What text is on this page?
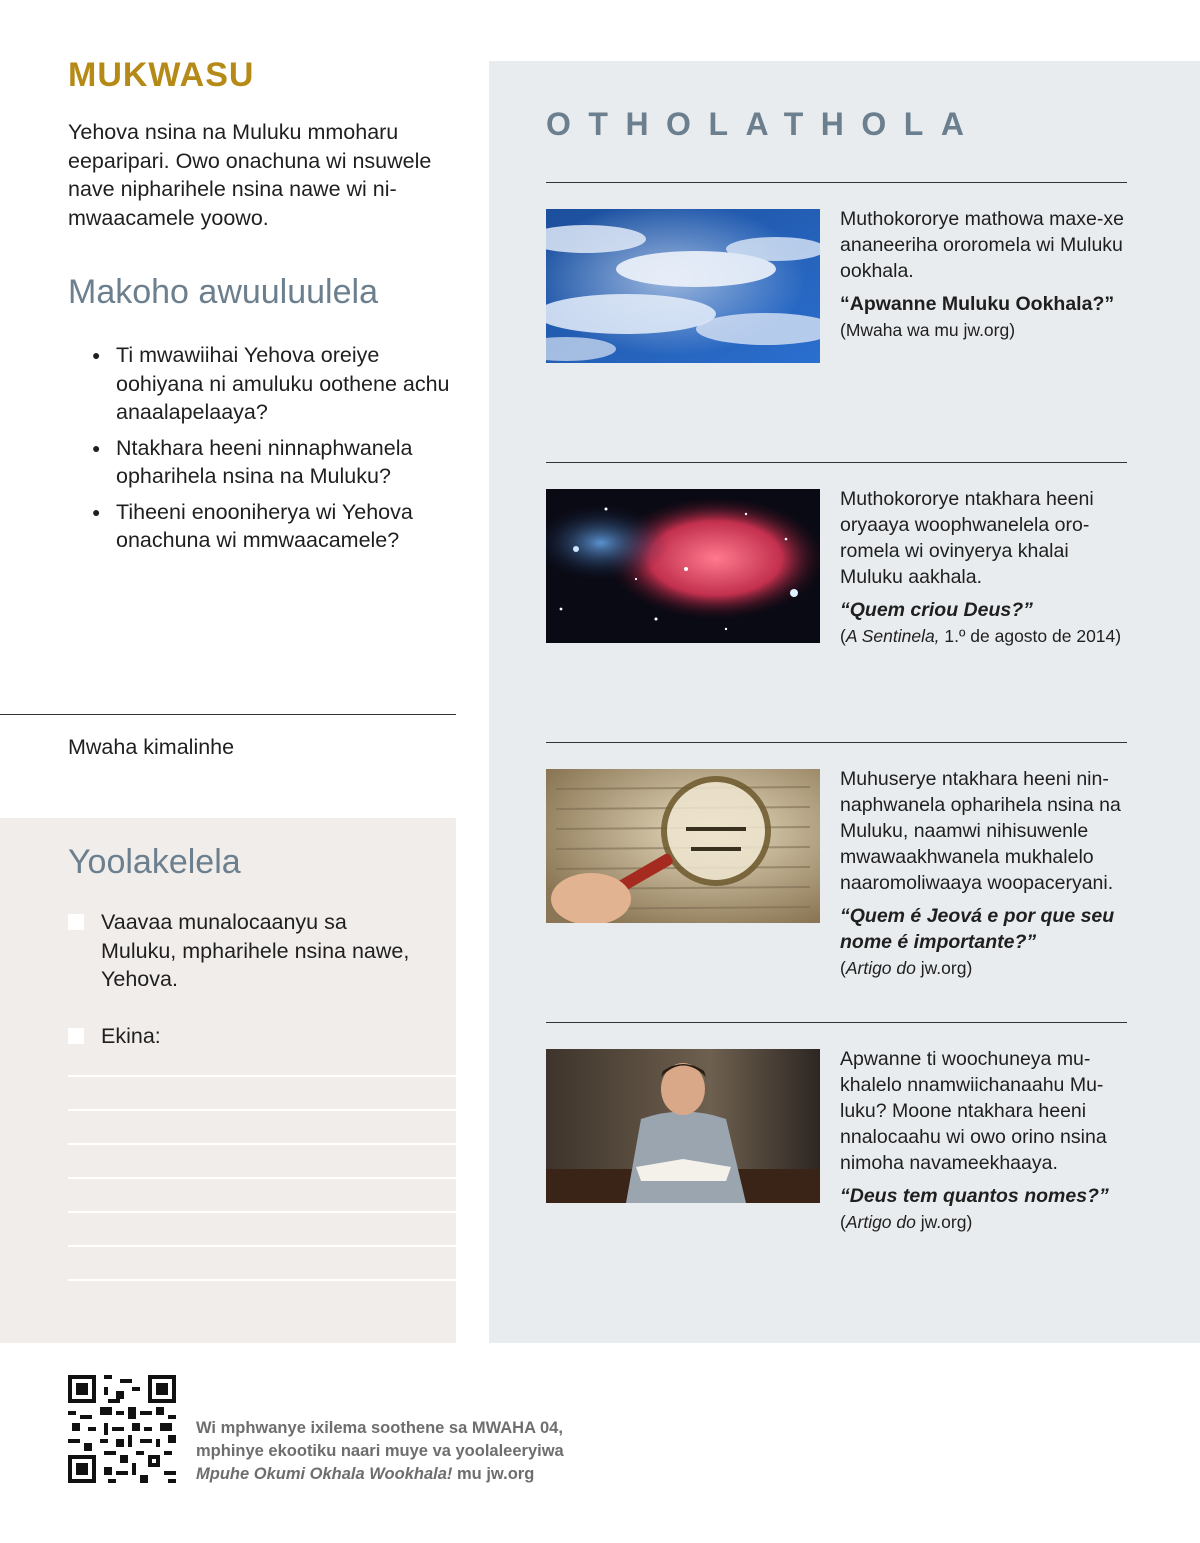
MUKWASU
Yehova nsina na Muluku mmoharu eeparipari. Owo onachuna wi nsuwele nave nipharihele nsina nawe wi ni-mwaacamele yoowo.
Makoho awuuluulela
● Ti mwawiihai Yehova oreiye oohiyana ni amuluku oothene achu anaalapelaaya?
● Ntakhara heeni ninnaphwanela opharihela nsina na Muluku?
● Tiheeni enooniherya wi Yehova onachuna wi mmwaacamele?
Mwaha kimalinhe
Yoolakelela
Vaavaa munalocaanyu sa Muluku, mpharihele nsina nawe, Yehova.
Ekina:
OTHOLATHOLA
Muthokororye mathowa maxe-xe ananeeriha ororomela wi Muluku ookhala.
“Apwanne Muluku Ookhala?”
(Mwaha wa mu jw.org)
Muthokororye ntakhara heeni oryaaya woophwanelela oro-romela wi ovinyerya khalai Muluku aakhala.
“Quem criou Deus?”
(A Sentinela, 1.º de agosto de 2014)
Muhuserye ntakhara heeni nin-naphwanela opharihela nsina na Muluku, naamwi nihisuwenle mwawaakhwanela mukhalelo naaromoliwaaya woopaceryani.
“Quem é Jeová e por que seu nome é importante?”
(Artigo do jw.org)
Apwanne ti woochuneya mu-khalelo nnamwiichanaahu Mu-luku? Moone ntakhara heeni nnalocaahu wi owo orino nsina nimoha navameekhaaya.
“Deus tem quantos nomes?”
(Artigo do jw.org)
Wi mphwanye ixilema soothene sa MWAHA 04,
mphinye ekootiku naari muye va yoolaleeryiwa
Mpuhe Okumi Okhala Wookhala! mu jw.org
